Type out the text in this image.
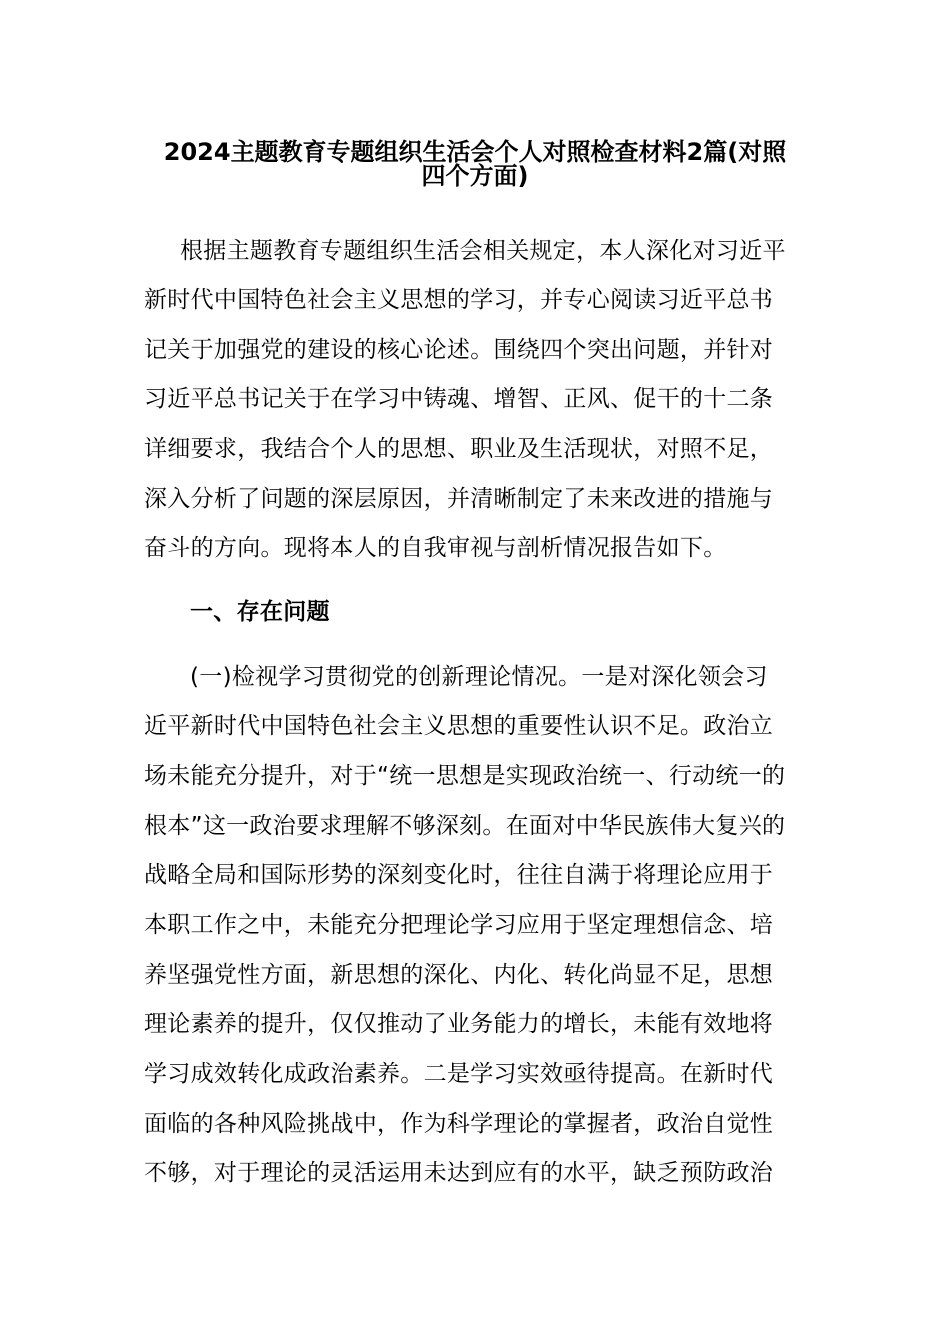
2024主题教育专题组织生活会个人对照检查材料2篇(对照
四个方面)
根据主题教育专题组织生活会相关规定，本人深化对习近平
新时代中国特色社会主义思想的学习，并专心阅读习近平总书
记关于加强党的建设的核心论述。围绕四个突出问题，并针对
习近平总书记关于在学习中铸魂、增智、正风、促干的十二条
详细要求，我结合个人的思想、职业及生活现状，对照不足，
深入分析了问题的深层原因，并清晰制定了未来改进的措施与
奋斗的方向。现将本人的自我审视与剖析情况报告如下。
一、存在问题
(一)检视学习贯彻党的创新理论情况。一是对深化领会习
近平新时代中国特色社会主义思想的重要性认识不足。政治立
场未能充分提升，对于“统一思想是实现政治统一、行动统一的
根本”这一政治要求理解不够深刻。在面对中华民族伟大复兴的
战略全局和国际形势的深刻变化时，往往自满于将理论应用于
本职工作之中，未能充分把理论学习应用于坚定理想信念、培
养坚强党性方面，新思想的深化、内化、转化尚显不足，思想
理论素养的提升，仅仅推动了业务能力的增长，未能有效地将
学习成效转化成政治素养。二是学习实效亟待提高。在新时代
面临的各种风险挑战中，作为科学理论的掌握者，政治自觉性
不够，对于理论的灵活运用未达到应有的水平，缺乏预防政治
